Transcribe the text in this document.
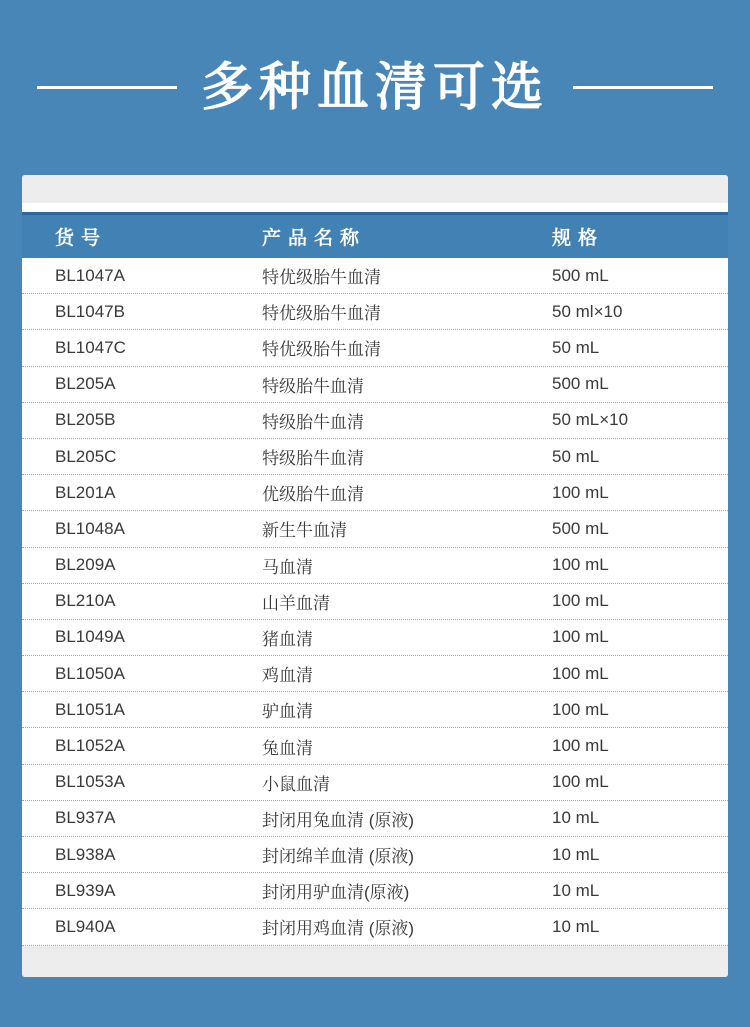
多种血清可选
货号	产品名称	规格
BL1047A	特优级胎牛血清	500 mL
BL1047B	特优级胎牛血清	50 ml×10
BL1047C	特优级胎牛血清	50 mL
BL205A	特级胎牛血清	500 mL
BL205B	特级胎牛血清	50 mL×10
BL205C	特级胎牛血清	50 mL
BL201A	优级胎牛血清	100 mL
BL1048A	新生牛血清	500 mL
BL209A	马血清	100 mL
BL210A	山羊血清	100 mL
BL1049A	猪血清	100 mL
BL1050A	鸡血清	100 mL
BL1051A	驴血清	100 mL
BL1052A	兔血清	100 mL
BL1053A	小鼠血清	100 mL
BL937A	封闭用兔血清 (原液)	10 mL
BL938A	封闭绵羊血清 (原液)	10 mL
BL939A	封闭用驴血清(原液)	10 mL
BL940A	封闭用鸡血清 (原液)	10 mL
